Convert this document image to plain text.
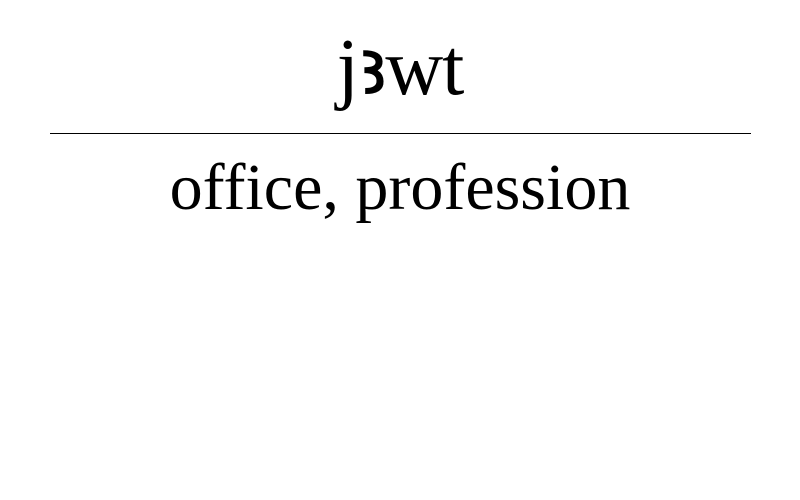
jꜣwt
office, profession
